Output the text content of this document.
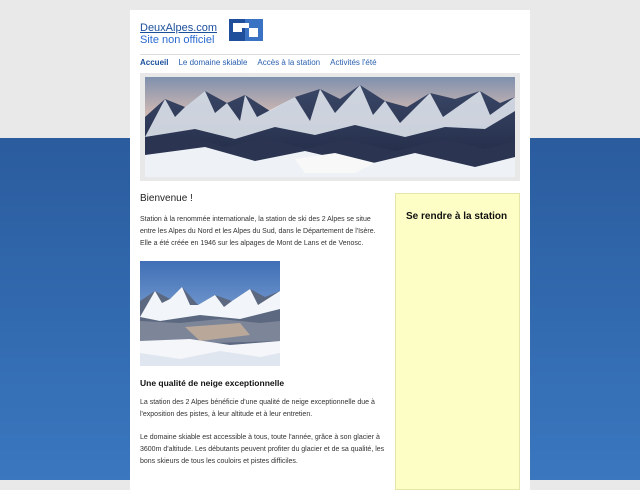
DeuxAlpes.com
Site non officiel
Accueil Le domaine skiable Accès à la station Activités l'été
Bienvenue !

Station à la renommée internationale, la station de ski des 2 Alpes se situe entre les Alpes du Nord et les Alpes du Sud, dans le Département de l'Isère. Elle a été créée en 1946 sur les alpages de Mont de Lans et de Venosc.

Une qualité de neige exceptionnelle

La station des 2 Alpes bénéficie d'une qualité de neige exceptionnelle due à l'exposition des pistes, à leur altitude et à leur entretien.

Le domaine skiable est accessible à tous, toute l'année, grâce à son glacier à 3600m d'altitude. Les débutants peuvent profiter du glacier et de sa qualité, les bons skieurs de tous les couloirs et pistes difficiles.

Se rendre à la station
